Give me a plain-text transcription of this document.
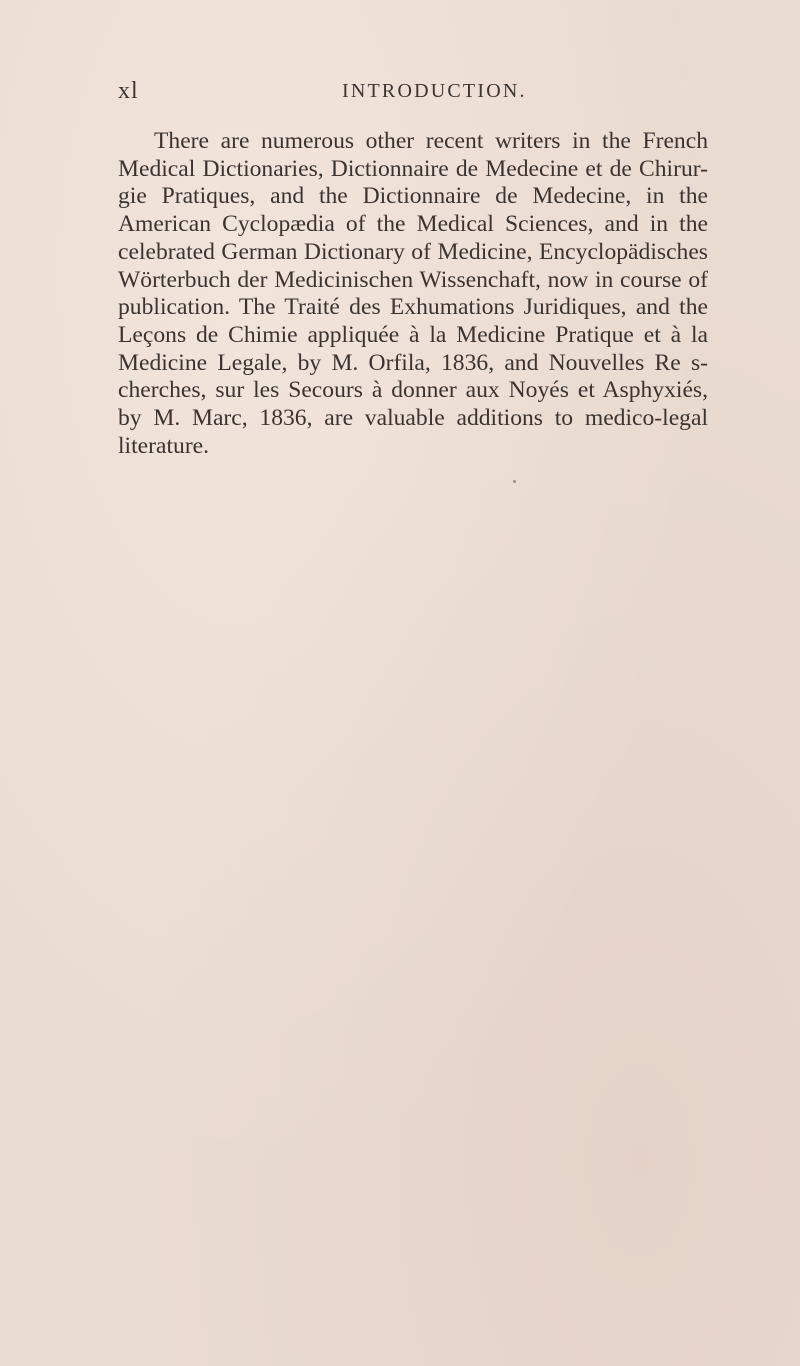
xl	INTRODUCTION.

There are numerous other recent writers in the French Medical Dictionaries, Dictionnaire de Medecine et de Chirur-gie Pratiques, and the Dictionnaire de Medecine, in the American Cyclopædia of the Medical Sciences, and in the celebrated German Dictionary of Medicine, Encyclopädisches Wörterbuch der Medicinischen Wissenchaft, now in course of publication. The Traité des Exhumations Juridiques, and the Leçons de Chimie appliquée à la Medicine Pratique et à la Medicine Legale, by M. Orfila, 1836, and Nouvelles Re s-cherches, sur les Secours à donner aux Noyés et Asphyxiés, by M. Marc, 1836, are valuable additions to medico-legal literature.
